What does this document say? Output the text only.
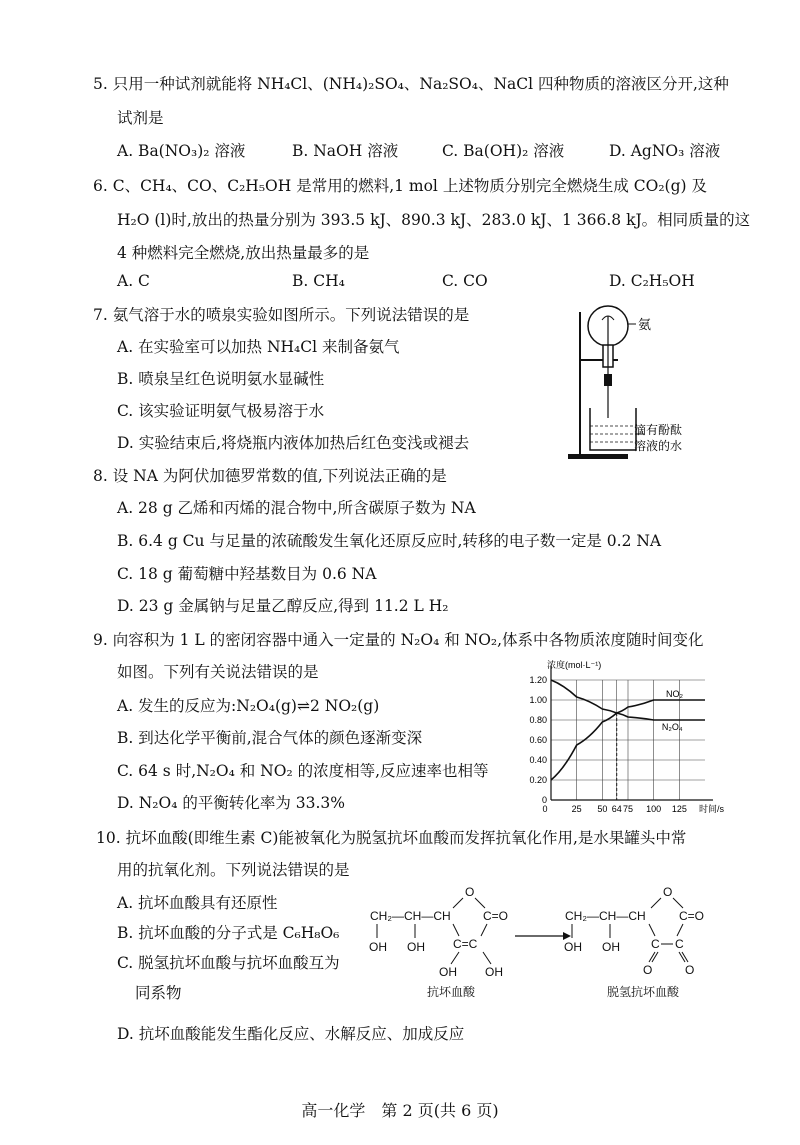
5. 只用一种试剂就能将 NH₄Cl、(NH₄)₂SO₄、Na₂SO₄、NaCl 四种物质的溶液区分开,这种
试剂是
A. Ba(NO₃)₂ 溶液	B. NaOH 溶液	C. Ba(OH)₂ 溶液	D. AgNO₃ 溶液
6. C、CH₄、CO、C₂H₅OH 是常用的燃料,1 mol 上述物质分别完全燃烧生成 CO₂(g) 及
H₂O (l)时,放出的热量分别为 393.5 kJ、890.3 kJ、283.0 kJ、1 366.8 kJ。相同质量的这
4 种燃料完全燃烧,放出热量最多的是
A. C	B. CH₄	C. CO	D. C₂H₅OH
7. 氨气溶于水的喷泉实验如图所示。下列说法错误的是
A. 在实验室可以加热 NH₄Cl 来制备氨气
B. 喷泉呈红色说明氨水显碱性
C. 该实验证明氨气极易溶于水
D. 实验结束后,将烧瓶内液体加热后红色变浅或褪去
氨
滴有酚酞
溶液的水
8. 设 NA 为阿伏加德罗常数的值,下列说法正确的是
A. 28 g 乙烯和丙烯的混合物中,所含碳原子数为 NA
B. 6.4 g Cu 与足量的浓硫酸发生氧化还原反应时,转移的电子数一定是 0.2 NA
C. 18 g 葡萄糖中羟基数目为 0.6 NA
D. 23 g 金属钠与足量乙醇反应,得到 11.2 L H₂
9. 向容积为 1 L 的密闭容器中通入一定量的 N₂O₄ 和 NO₂,体系中各物质浓度随时间变化
如图。下列有关说法错误的是
A. 发生的反应为:N₂O₄(g)⇌2 NO₂(g)
B. 到达化学平衡前,混合气体的颜色逐渐变深
C. 64 s 时,N₂O₄ 和 NO₂ 的浓度相等,反应速率也相等
D. N₂O₄ 的平衡转化率为 33.3%	0
0.20
0.40
0.60
0.80
1.00
1.20
25 50 64 75 100 125
0
浓度(mol·L⁻¹)
时间/s
NO₂
N₂O₄
10. 抗坏血酸(即维生素 C)能被氧化为脱氢抗坏血酸而发挥抗氧化作用,是水果罐头中常
用的抗氧化剂。下列说法错误的是
A. 抗坏血酸具有还原性
B. 抗坏血酸的分子式是 C₆H₈O₆
C. 脱氢抗坏血酸与抗坏血酸互为
同系物
D. 抗坏血酸能发生酯化反应、水解反应、加成反应
CH₂—CH—CH
O
C=O
OH OH C=C
OH OH
抗坏血酸
CH₂—CH—CH
O
C=O
OH OH	C C
O	O
脱氢抗坏血酸
高一化学　第 2 页(共 6 页)
